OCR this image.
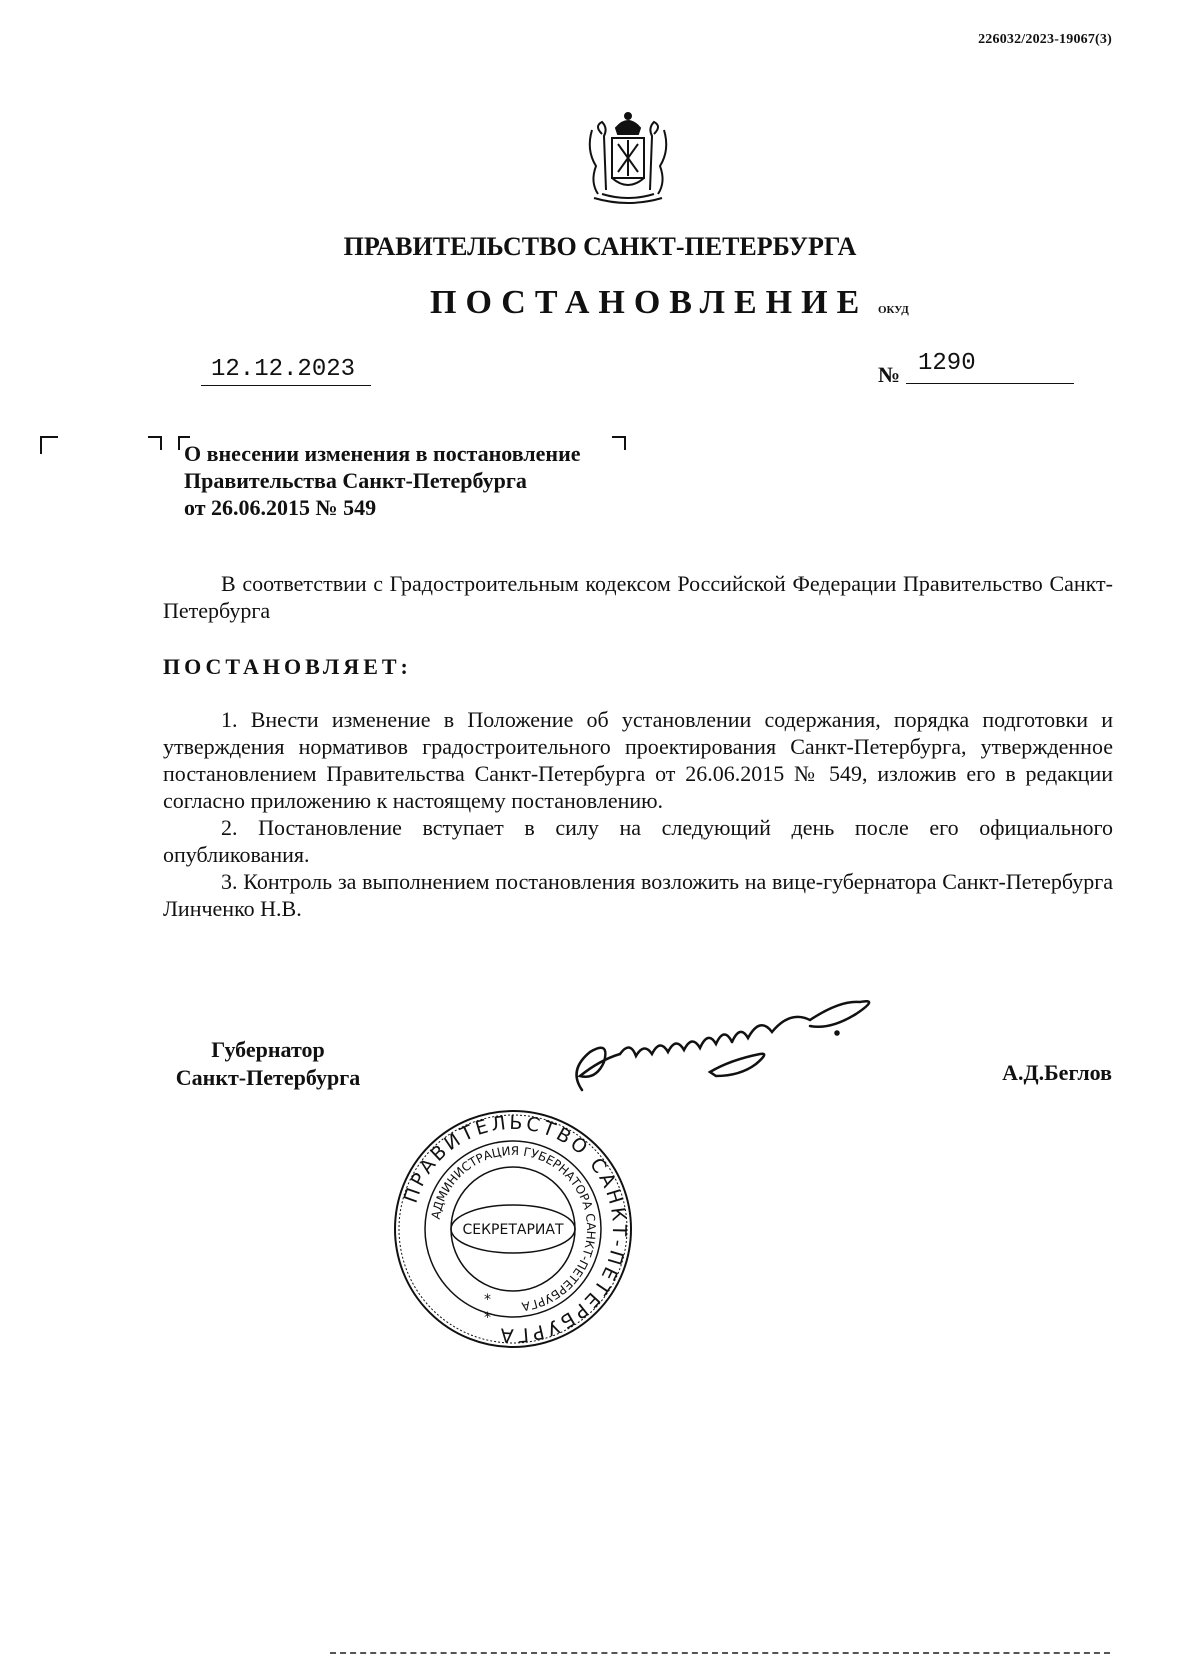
226032/2023-19067(3)
ПРАВИТЕЛЬСТВО САНКТ-ПЕТЕРБУРГА
ПОСТАНОВЛЕНИЕ ОКУД
12.12.2023	№ 1290
О внесении изменения в постановление
Правительства Санкт-Петербурга
от 26.06.2015 № 549
В соответствии с Градостроительным кодексом Российской Федерации Правительство Санкт-Петербурга
ПОСТАНОВЛЯЕТ:

1. Внести изменение в Положение об установлении содержания, порядка подготовки и утверждения нормативов градостроительного проектирования Санкт-Петербурга, утвержденное постановлением Правительства Санкт-Петербурга от 26.06.2015 № 549, изложив его в редакции согласно приложению к настоящему постановлению.

2. Постановление вступает в силу на следующий день после его официального опубликования.

3. Контроль за выполнением постановления возложить на вице-губернатора Санкт-Петербурга Линченко Н.В.

Губернатор
Санкт-Петербурга	А.Д.Беглов
ПРАВИТЕЛЬСТВО САНКТ-ПЕТЕРБУРГА
АДМИНИСТРАЦИЯ ГУБЕРНАТОРА САНКТ-ПЕТЕРБУРГА
СЕКРЕТАРИАТ
*
*
